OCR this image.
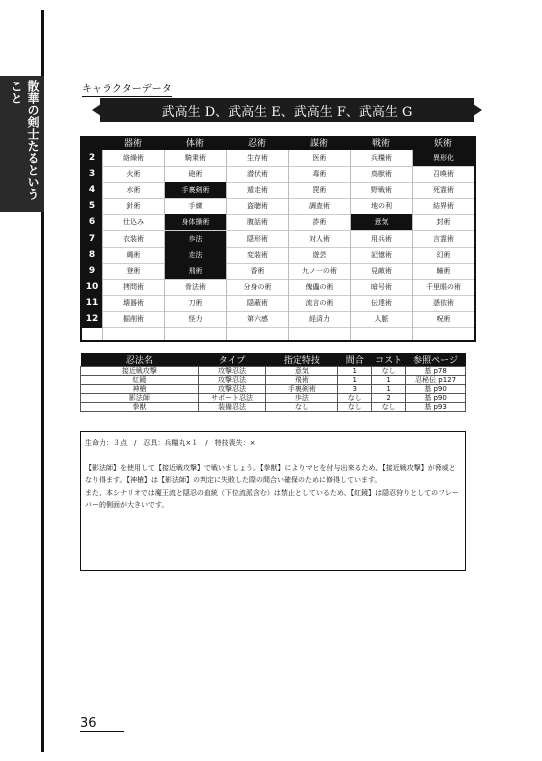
散華の剣士たるということ	キャラクターデータ
武高生 D、武高生 E、武高生 F、武高生 G
器術	体術	忍術	謀術	戦術	妖術
2	絡繰術	騎乗術	生存術	医術	兵糧術	異形化
3	火術	砲術	潜伏術	毒術	鳥獣術	召喚術
4	水術	手裏剣術	遁走術	罠術	野戦術	死霊術
5	針術	手練	盗聴術	調査術	地の利	結界術
6	仕込み	身体操術	腹話術	詐術	意気	封術
7	衣装術	歩法	隠形術	対人術	用兵術	言霊術
8	縄術	走法	変装術	遊芸	記憶術	幻術
9	登術	飛術	香術	九ノ一の術	見敵術	瞳術
10	拷問術	骨法術	分身の術	傀儡の術	暗号術	千里眼の術
11	壊器術	刀術	隠蔽術	流言の術	伝達術	憑依術
12	掘削術	怪力	第六感	経済力	人脈	呪術
忍法名	タイプ	指定特技	間合	コスト	参照ページ
接近戦攻撃	攻撃忍法	意気	1	なし	基 p78
紅鏡	攻撃忍法	飛術	1	1	忍秘伝 p127
神槍	攻撃忍法	手裏剣術	3	1	基 p90
影法師	サポート忍法	歩法	なし	2	基 p90
拳獣	装備忍法	なし	なし	なし	基 p93

生命力：３点　/　忍具：兵糧丸×１　/　特技喪失：×

【影法師】を使用して【接近戦攻撃】で戦いましょう。【拳獣】によりマヒを付与出来るため、【接近戦攻撃】が脅威となり得ます。【神槍】は【影法師】の判定に失敗した際の間合い確保のために修得しています。

また、本シナリオでは魔王流と隠忍の血統（下位流派含む）は禁止としているため、【紅鏡】は隠忍狩りとしてのフレーバー的側面が大きいです。

36
